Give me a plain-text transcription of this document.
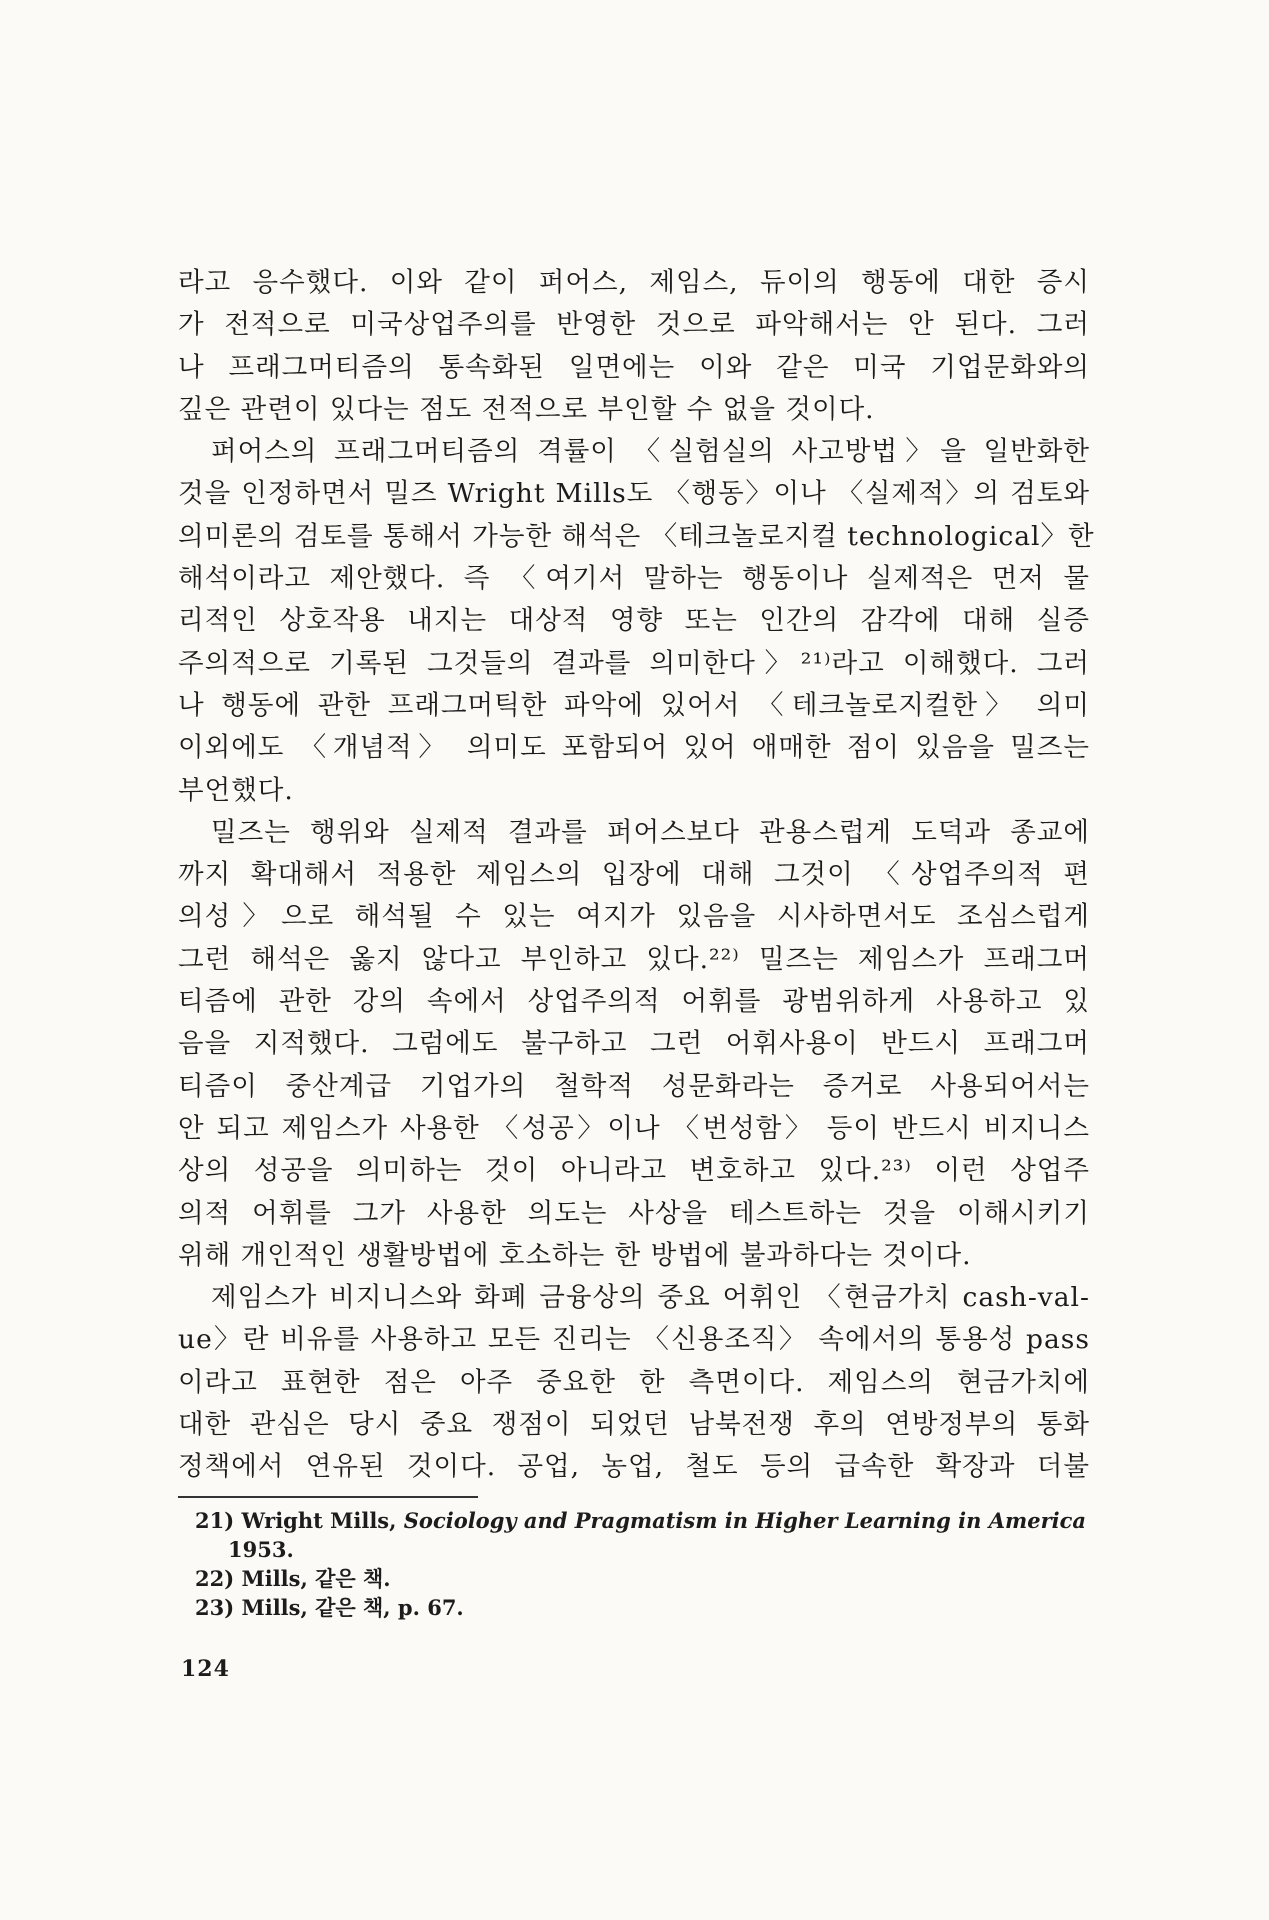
라고 응수했다. 이와 같이 퍼어스, 제임스, 듀이의 행동에 대한 증시
가 전적으로 미국상업주의를 반영한 것으로 파악해서는 안 된다. 그러
나 프래그머티즘의 통속화된 일면에는 이와 같은 미국 기업문화와의
깊은 관련이 있다는 점도 전적으로 부인할 수 없을 것이다.
퍼어스의 프래그머티즘의 격률이 〈실험실의 사고방법〉을 일반화한
것을 인정하면서 밀즈 Wright Mills도 〈행동〉이나 〈실제적〉의 검토와
의미론의 검토를 통해서 가능한 해석은 〈테크놀로지컬 technological〉한
해석이라고 제안했다. 즉 〈여기서 말하는 행동이나 실제적은 먼저 물
리적인 상호작용 내지는 대상적 영향 또는 인간의 감각에 대해 실증
주의적으로 기록된 그것들의 결과를 의미한다〉²¹⁾라고 이해했다. 그러
나 행동에 관한 프래그머틱한 파악에 있어서 〈테크놀로지컬한〉 의미
이외에도 〈개념적〉 의미도 포함되어 있어 애매한 점이 있음을 밀즈는
부언했다.
밀즈는 행위와 실제적 결과를 퍼어스보다 관용스럽게 도덕과 종교에
까지 확대해서 적용한 제임스의 입장에 대해 그것이 〈상업주의적 편
의성〉으로 해석될 수 있는 여지가 있음을 시사하면서도 조심스럽게
그런 해석은 옳지 않다고 부인하고 있다.²²⁾ 밀즈는 제임스가 프래그머
티즘에 관한 강의 속에서 상업주의적 어휘를 광범위하게 사용하고 있
음을 지적했다. 그럼에도 불구하고 그런 어휘사용이 반드시 프래그머
티즘이 중산계급 기업가의 철학적 성문화라는 증거로 사용되어서는
안 되고 제임스가 사용한 〈성공〉이나 〈번성함〉 등이 반드시 비지니스
상의 성공을 의미하는 것이 아니라고 변호하고 있다.²³⁾ 이런 상업주
의적 어휘를 그가 사용한 의도는 사상을 테스트하는 것을 이해시키기
위해 개인적인 생활방법에 호소하는 한 방법에 불과하다는 것이다.
제임스가 비지니스와 화폐 금융상의 중요 어휘인 〈현금가치 cash-val-
ue〉란 비유를 사용하고 모든 진리는 〈신용조직〉 속에서의 통용성 pass
이라고 표현한 점은 아주 중요한 한 측면이다. 제임스의 현금가치에
대한 관심은 당시 중요 쟁점이 되었던 남북전쟁 후의 연방정부의 통화
정책에서 연유된 것이다. 공업, 농업, 철도 등의 급속한 확장과 더불
21) Wright Mills, Sociology and Pragmatism in Higher Learning in America
1953.
22) Mills, 같은 책.
23) Mills, 같은 책, p. 67.
124
